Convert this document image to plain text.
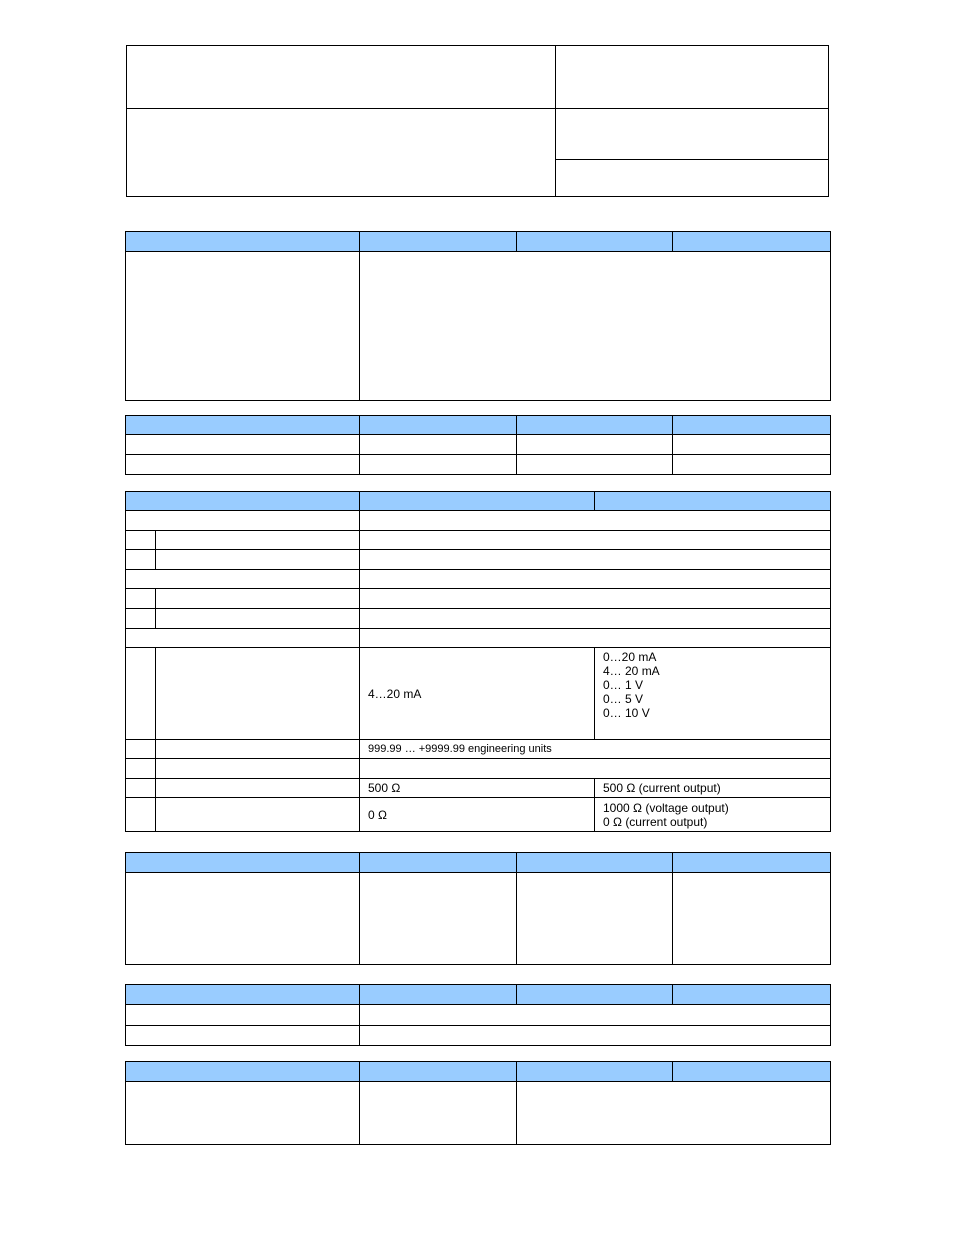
		4…20 mA	0…20 mA
4… 20 mA
0… 1 V
0… 5 V
0… 10 V

		999.99 … +9999.99 engineering units	

		500 Ω	500 Ω (current output)
		0 Ω	1000 Ω (voltage output)
0 Ω (current output)
